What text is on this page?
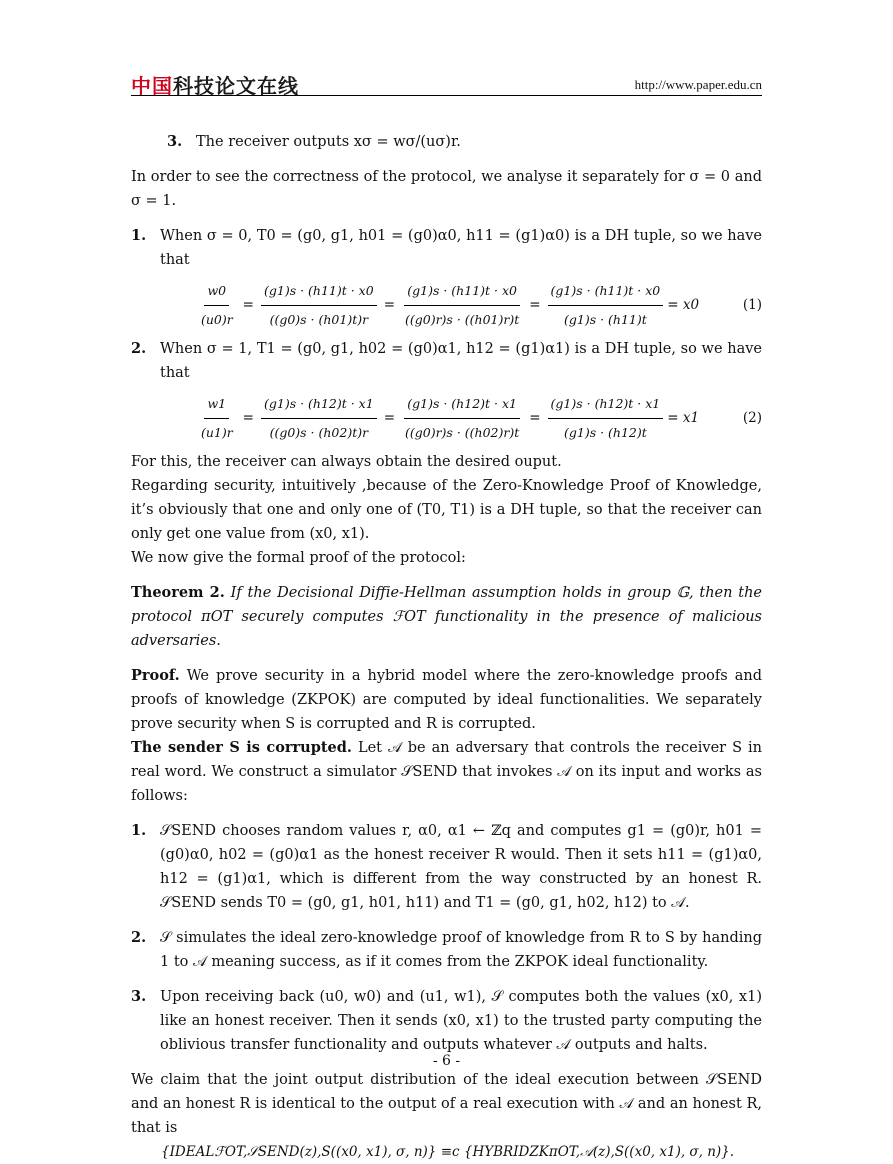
中国科技论文在线	http://www.paper.edu.cn
3. The receiver outputs xσ = wσ/(uσ)r.

In order to see the correctness of the protocol, we analyse it separately for σ = 0 and σ = 1.

1. When σ = 0, T0 = (g0, g1, h01 = (g0)α0, h11 = (g1)α0) is a DH tuple, so we have that
$\frac{w0}{(u0)r} = \frac{(g1)s \cdot (h11)t \cdot x0}{((g0)s \cdot (h01)t)r} = \frac{(g1)s \cdot (h11)t \cdot x0}{((g0)r)s \cdot ((h01)r)t} = \frac{(g1)s \cdot (h11)t \cdot x0}{(g1)s \cdot (h11)t} = x0$	(1)
2. When σ = 1, T1 = (g0, g1, h02 = (g0)α1, h12 = (g1)α1) is a DH tuple, so we have that
$\frac{w1}{(u1)r} = \frac{(g1)s \cdot (h12)t \cdot x1}{((g0)s \cdot (h02)t)r} = \frac{(g1)s \cdot (h12)t \cdot x1}{((g0)r)s \cdot ((h02)r)t} = \frac{(g1)s \cdot (h12)t \cdot x1}{(g1)s \cdot (h12)t} = x1$	(2)

For this, the receiver can always obtain the desired ouput.

Regarding security, intuitively ,because of the Zero-Knowledge Proof of Knowledge, it’s obviously that one and only one of (T0, T1) is a DH tuple, so that the receiver can only get one value from (x0, x1).

We now give the formal proof of the protocol:

Theorem 2. If the Decisional Diffie-Hellman assumption holds in group 𝔾, then the protocol πOT securely computes ℱOT functionality in the presence of malicious adversaries.

Proof. We prove security in a hybrid model where the zero-knowledge proofs and proofs of knowledge (ZKPOK) are computed by ideal functionalities. We separately prove security when S is corrupted and R is corrupted.

The sender S is corrupted. Let 𝒜 be an adversary that controls the receiver S in real word. We construct a simulator 𝒮SEND that invokes 𝒜 on its input and works as follows:

1. 𝒮SEND chooses random values r, α0, α1 ← ℤq and computes g1 = (g0)r, h01 = (g0)α0, h02 = (g0)α1 as the honest receiver R would. Then it sets h11 = (g1)α0, h12 = (g1)α1, which is different from the way constructed by an honest R. 𝒮SEND sends T0 = (g0, g1, h01, h11) and T1 = (g0, g1, h02, h12) to 𝒜.
2. 𝒮 simulates the ideal zero-knowledge proof of knowledge from R to S by handing 1 to 𝒜 meaning success, as if it comes from the ZKPOK ideal functionality.
3. Upon receiving back (u0, w0) and (u1, w1), 𝒮 computes both the values (x0, x1) like an honest receiver. Then it sends (x0, x1) to the trusted party computing the oblivious transfer functionality and outputs whatever 𝒜 outputs and halts.

We claim that the joint output distribution of the ideal execution between 𝒮SEND and an honest R is identical to the output of a real execution with 𝒜 and an honest R, that is

{IDEALℱOT,𝒮SEND(z),S((x0, x1), σ, n)} ≡c {HYBRIDZKπOT,𝒜(z),S((x0, x1), σ, n)}.
- 6 -
